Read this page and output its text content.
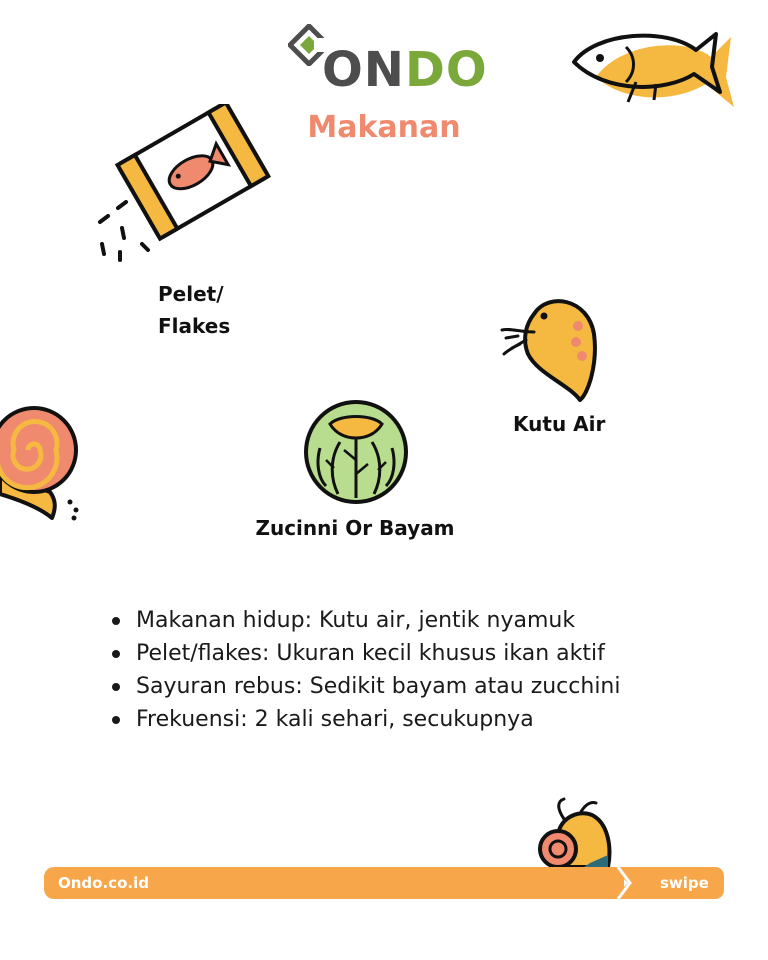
ONDO
Makanan
Pelet/
Flakes
Kutu Air
Zucinni Or Bayam
Makanan hidup: Kutu air, jentik nyamuk
Pelet/flakes: Ukuran kecil khusus ikan aktif
Sayuran rebus: Sedikit bayam atau zucchini
Frekuensi: 2 kali sehari, secukupnya
Ondo.co.id	swipe
